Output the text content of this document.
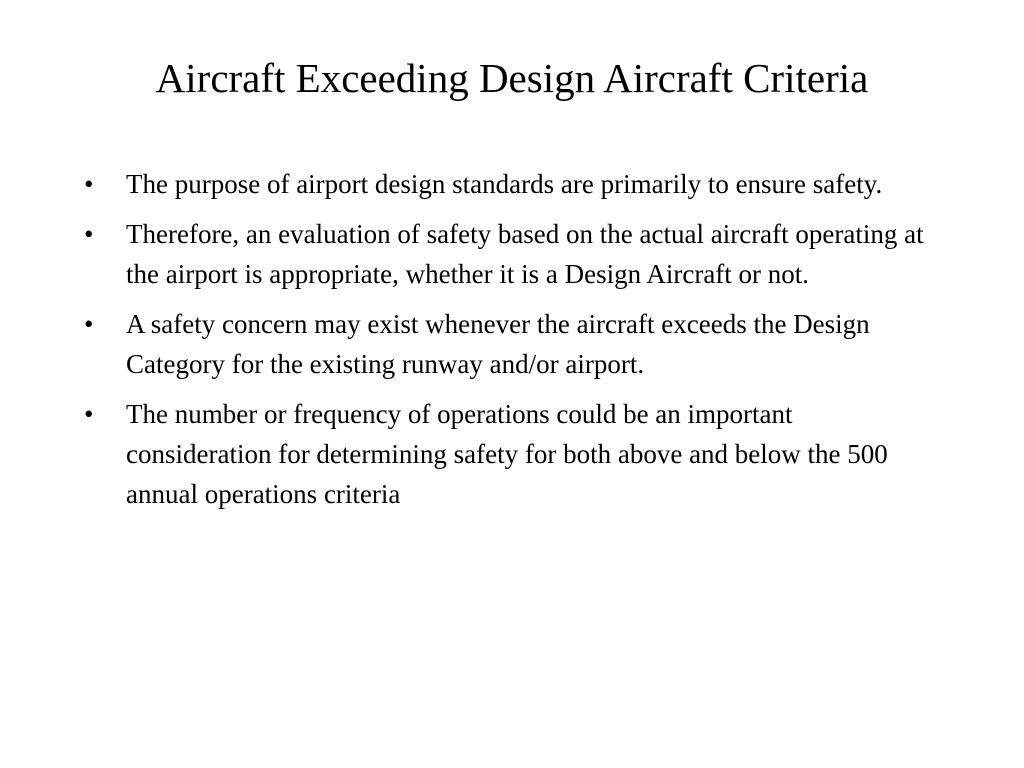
Aircraft Exceeding Design Aircraft Criteria
•	The purpose of airport design standards are primarily to ensure safety.
•	Therefore, an evaluation of safety based on the actual aircraft operating at the airport is appropriate, whether it is a Design Aircraft or not.
•	A safety concern may exist whenever the aircraft exceeds the Design Category for the existing runway and/or airport.
•	The number or frequency of operations could be an important consideration for determining safety for both above and below the 500 annual operations criteria
